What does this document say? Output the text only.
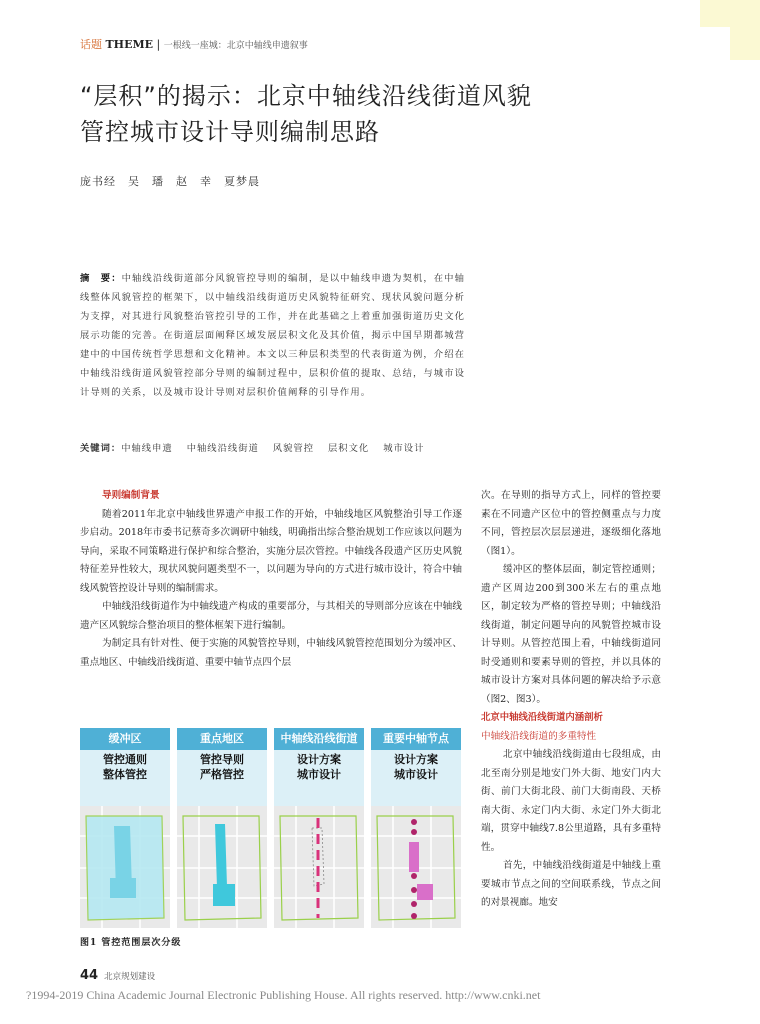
话题 THEME | 一根线一座城：北京中轴线申遗叙事
“层积”的揭示：北京中轴线沿线街道风貌
管控城市设计导则编制思路
庞书经　吴　璠　赵　幸　夏梦晨
摘　要：中轴线沿线街道部分风貌管控导则的编制，是以中轴线申遗为契机，在中轴线整体风貌管控的框架下，以中轴线沿线街道历史风貌特征研究、现状风貌问题分析为支撑，对其进行风貌整治管控引导的工作，并在此基础之上着重加强街道历史文化展示功能的完善。在街道层面阐释区域发展层积文化及其价值，揭示中国早期都城营建中的中国传统哲学思想和文化精神。本文以三种层积类型的代表街道为例，介绍在中轴线沿线街道风貌管控部分导则的编制过程中，层积价值的提取、总结，与城市设计导则的关系，以及城市设计导则对层积价值阐释的引导作用。
关键词：中轴线申遗 中轴线沿线街道 风貌管控 层积文化 城市设计
导则编制背景

随着2011年北京中轴线世界遗产申报工作的开始，中轴线地区风貌整治引导工作逐步启动。2018年市委书记蔡奇多次调研中轴线，明确指出综合整治规划工作应该以问题为导向，采取不同策略进行保护和综合整治，实施分层次管控。中轴线各段遗产区历史风貌特征差异性较大，现状风貌问题类型不一，以问题为导向的方式进行城市设计，符合中轴线风貌管控设计导则的编制需求。

中轴线沿线街道作为中轴线遗产构成的重要部分，与其相关的导则部分应该在中轴线遗产区风貌综合整治项目的整体框架下进行编制。

为制定具有针对性、便于实施的风貌管控导则，中轴线风貌管控范围划分为缓冲区、重点地区、中轴线沿线街道、重要中轴节点四个层

次。在导则的指导方式上，同样的管控要素在不同遗产区位中的管控侧重点与力度不同，管控层次层层递进，逐级细化落地（图1）。

缓冲区的整体层面，制定管控通则；遗产区周边200到300米左右的重点地区，制定较为严格的管控导则；中轴线沿线街道，制定问题导向的风貌管控城市设计导则。从管控范围上看，中轴线街道同时受通则和要素导则的管控，并以具体的城市设计方案对具体问题的解决给予示意（图2、图3）。

北京中轴线沿线街道内涵剖析
中轴线沿线街道的多重特性

北京中轴线沿线街道由七段组成，由北至南分别是地安门外大街、地安门内大街、前门大街北段、前门大街南段、天桥南大街、永定门内大街、永定门外大街北端，贯穿中轴线7.8公里道路，具有多重特性。

首先，中轴线沿线街道是中轴线上重要城市节点之间的空间联系线，节点之间的对景视廊。地安

缓冲区
管控通则
整体管控
重点地区
管控导则
严格管控
中轴线沿线街道
设计方案
城市设计
重要中轴节点
设计方案
城市设计
图1 管控范围层次分级
44 北京规划建设
?1994-2019 China Academic Journal Electronic Publishing House. All rights reserved. http://www.cnki.net
